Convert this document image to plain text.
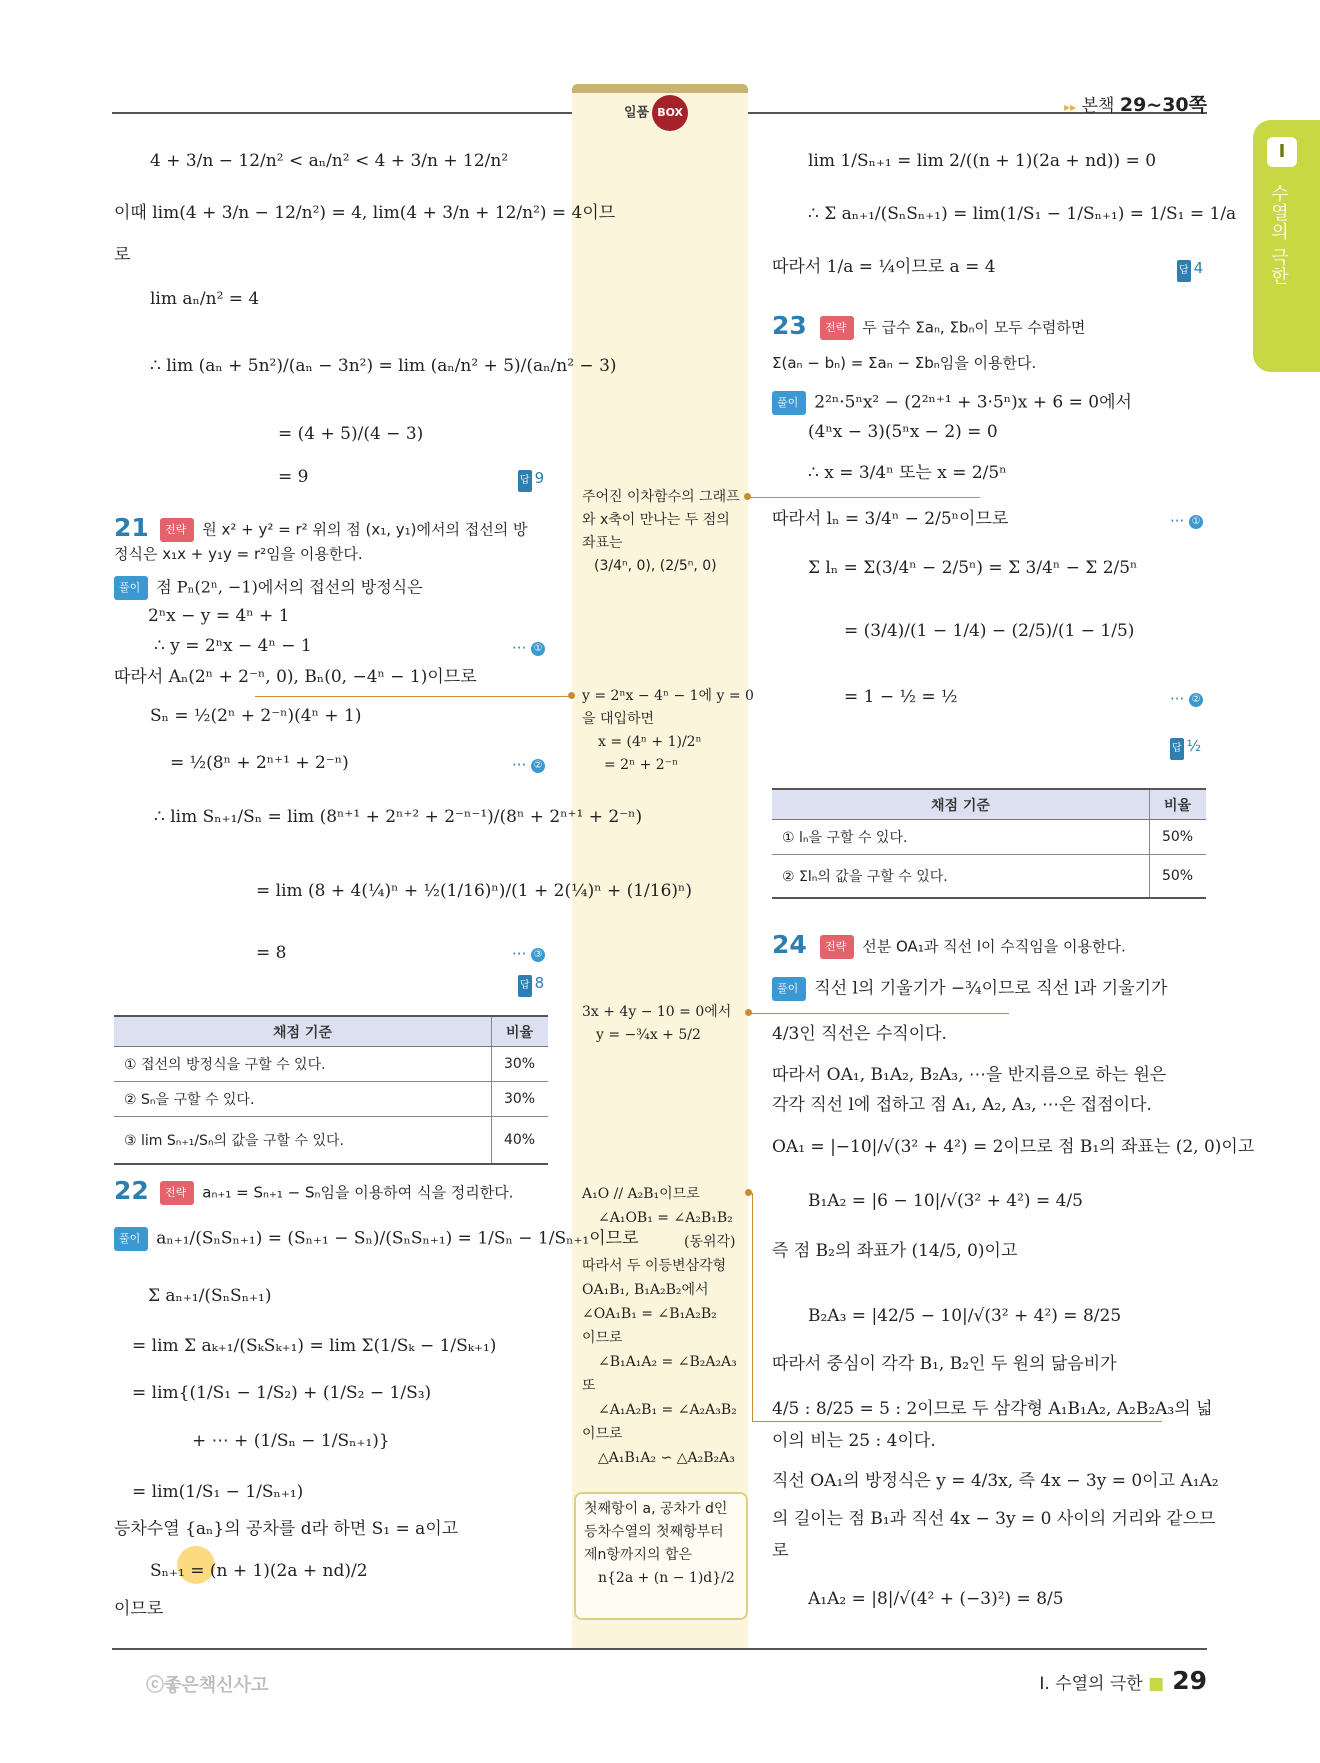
일품 BOX	▸▸ 본책 29~30쪽
I
수열의 극한
4 + 3/n − 12/n² < aₙ/n² < 4 + 3/n + 12/n²
이때 lim(4 + 3/n − 12/n²) = 4, lim(4 + 3/n + 12/n²) = 4이므
로
lim aₙ/n² = 4
∴ lim (aₙ + 5n²)/(aₙ − 3n²) = lim (aₙ/n² + 5)/(aₙ/n² − 3)
= (4 + 5)/(4 − 3)
= 9	답 9
21	전략 원 x² + y² = r² 위의 점 (x₁, y₁)에서의 접선의 방
정식은 x₁x + y₁y = r²임을 이용한다.
풀이 점 Pₙ(2ⁿ, −1)에서의 접선의 방정식은
2ⁿx − y = 4ⁿ + 1
∴ y = 2ⁿx − 4ⁿ − 1	··· ①
따라서 Aₙ(2ⁿ + 2⁻ⁿ, 0), Bₙ(0, −4ⁿ − 1)이므로
Sₙ = ½(2ⁿ + 2⁻ⁿ)(4ⁿ + 1)
= ½(8ⁿ + 2ⁿ⁺¹ + 2⁻ⁿ)	··· ②
∴ lim Sₙ₊₁/Sₙ = lim (8ⁿ⁺¹ + 2ⁿ⁺² + 2⁻ⁿ⁻¹)/(8ⁿ + 2ⁿ⁺¹ + 2⁻ⁿ)
= lim (8 + 4(¼)ⁿ + ½(1/16)ⁿ)/(1 + 2(¼)ⁿ + (1/16)ⁿ)
= 8	··· ③
답 8
채점 기준	비율
① 접선의 방정식을 구할 수 있다.	30%
② Sₙ을 구할 수 있다.	30%
③ lim Sₙ₊₁/Sₙ의 값을 구할 수 있다.	40%
22	전략 aₙ₊₁ = Sₙ₊₁ − Sₙ임을 이용하여 식을 정리한다.
풀이 aₙ₊₁/(SₙSₙ₊₁) = (Sₙ₊₁ − Sₙ)/(SₙSₙ₊₁) = 1/Sₙ − 1/Sₙ₊₁이므로
Σ aₙ₊₁/(SₙSₙ₊₁)
= lim Σ aₖ₊₁/(SₖSₖ₊₁) = lim Σ(1/Sₖ − 1/Sₖ₊₁)
= lim{(1/S₁ − 1/S₂) + (1/S₂ − 1/S₃)
+ ⋯ + (1/Sₙ − 1/Sₙ₊₁)}
= lim(1/S₁ − 1/Sₙ₊₁)
등차수열 {aₙ}의 공차를 d라 하면 S₁ = a이고
Sₙ₊₁ = (n + 1)(2a + nd)/2
이므로
주어진 이차함수의 그래프
와 x축이 만나는 두 점의
좌표는
(3/4ⁿ, 0), (2/5ⁿ, 0)
y = 2ⁿx − 4ⁿ − 1에 y = 0
을 대입하면
x = (4ⁿ + 1)/2ⁿ
= 2ⁿ + 2⁻ⁿ
3x + 4y − 10 = 0에서
y = −¾x + 5/2
A₁O // A₂B₁이므로
∠A₁OB₁ = ∠A₂B₁B₂
(동위각)
따라서 두 이등변삼각형
OA₁B₁, B₁A₂B₂에서
∠OA₁B₁ = ∠B₁A₂B₂
이므로
∠B₁A₁A₂ = ∠B₂A₂A₃
또
∠A₁A₂B₁ = ∠A₂A₃B₂
이므로
△A₁B₁A₂ ∽ △A₂B₂A₃
첫째항이 a, 공차가 d인
등차수열의 첫째항부터
제n항까지의 합은
n{2a + (n − 1)d}/2
lim 1/Sₙ₊₁ = lim 2/((n + 1)(2a + nd)) = 0
∴ Σ aₙ₊₁/(SₙSₙ₊₁) = lim(1/S₁ − 1/Sₙ₊₁) = 1/S₁ = 1/a
따라서 1/a = ¼이므로 a = 4	답 4
23	전략 두 급수 Σaₙ, Σbₙ이 모두 수렴하면
Σ(aₙ − bₙ) = Σaₙ − Σbₙ임을 이용한다.
풀이 2²ⁿ·5ⁿx² − (2²ⁿ⁺¹ + 3·5ⁿ)x + 6 = 0에서
(4ⁿx − 3)(5ⁿx − 2) = 0
∴ x = 3/4ⁿ 또는 x = 2/5ⁿ
따라서 lₙ = 3/4ⁿ − 2/5ⁿ이므로	··· ①
Σ lₙ = Σ(3/4ⁿ − 2/5ⁿ) = Σ 3/4ⁿ − Σ 2/5ⁿ
= (3/4)/(1 − 1/4) − (2/5)/(1 − 1/5)
= 1 − ½ = ½	··· ②
답 ½
채점 기준	비율
① lₙ을 구할 수 있다.	50%
② Σlₙ의 값을 구할 수 있다.	50%
24	전략 선분 OA₁과 직선 l이 수직임을 이용한다.
풀이 직선 l의 기울기가 −¾이므로 직선 l과 기울기가
4/3인 직선은 수직이다.
따라서 OA₁, B₁A₂, B₂A₃, ⋯을 반지름으로 하는 원은
각각 직선 l에 접하고 점 A₁, A₂, A₃, ⋯은 접점이다.
OA₁ = |−10|/√(3² + 4²) = 2이므로 점 B₁의 좌표는 (2, 0)이고
B₁A₂ = |6 − 10|/√(3² + 4²) = 4/5
즉 점 B₂의 좌표가 (14/5, 0)이고
B₂A₃ = |42/5 − 10|/√(3² + 4²) = 8/25
따라서 중심이 각각 B₁, B₂인 두 원의 닮음비가
4/5 : 8/25 = 5 : 2이므로 두 삼각형 A₁B₁A₂, A₂B₂A₃의 넓
이의 비는 25 : 4이다.
직선 OA₁의 방정식은 y = 4/3x, 즉 4x − 3y = 0이고 A₁A₂
의 길이는 점 B₁과 직선 4x − 3y = 0 사이의 거리와 같으므
로
A₁A₂ = |8|/√(4² + (−3)²) = 8/5
ⓒ좋은책신사고	I. 수열의 극한 ■ 29
